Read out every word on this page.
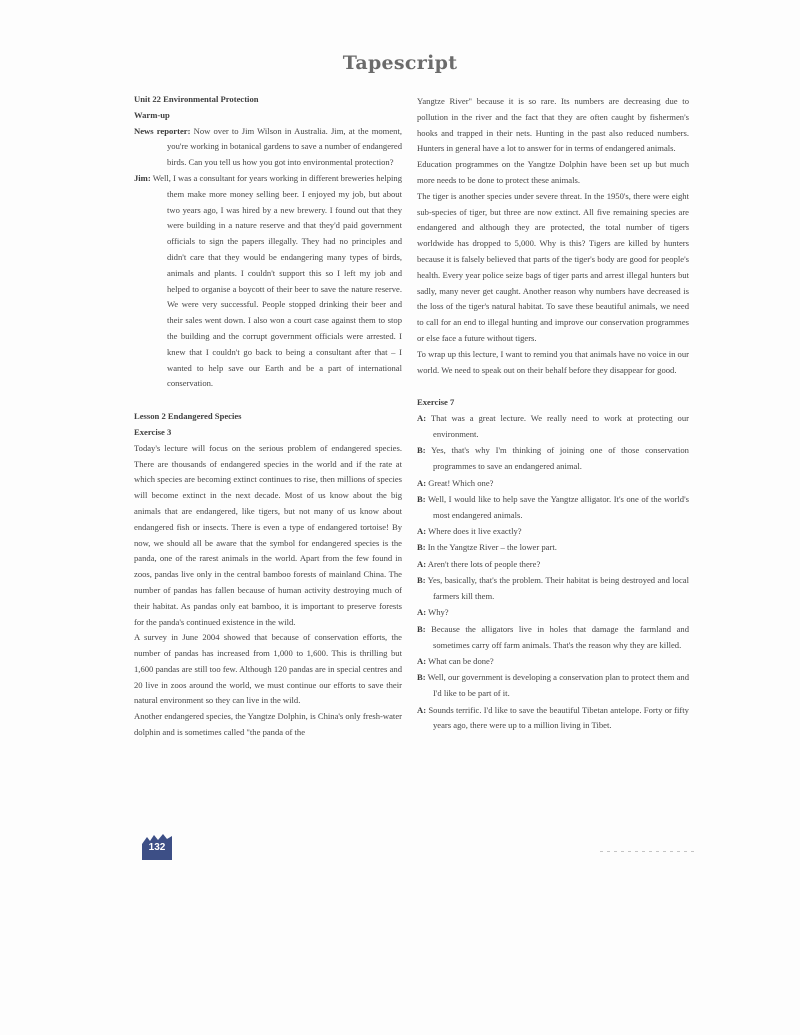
Tapescript
Unit 22 Environmental Protection
Warm-up

News reporter: Now over to Jim Wilson in Australia. Jim, at the moment, you're working in botanical gardens to save a number of endangered birds. Can you tell us how you got into environmental protection?

Jim: Well, I was a consultant for years working in different breweries helping them make more money selling beer. I enjoyed my job, but about two years ago, I was hired by a new brewery. I found out that they were building in a nature reserve and that they'd paid government officials to sign the papers illegally. They had no principles and didn't care that they would be endangering many types of birds, animals and plants. I couldn't support this so I left my job and helped to organise a boycott of their beer to save the nature reserve. We were very successful. People stopped drinking their beer and their sales went down. I also won a court case against them to stop the building and the corrupt government officials were arrested. I knew that I couldn't go back to being a consultant after that – I wanted to help save our Earth and be a part of international conservation.

Lesson 2 Endangered Species
Exercise 3

Today's lecture will focus on the serious problem of endangered species. There are thousands of endangered species in the world and if the rate at which species are becoming extinct continues to rise, then millions of species will become extinct in the next decade. Most of us know about the big animals that are endangered, like tigers, but not many of us know about endangered fish or insects. There is even a type of endangered tortoise! By now, we should all be aware that the symbol for endangered species is the panda, one of the rarest animals in the world. Apart from the few found in zoos, pandas live only in the central bamboo forests of mainland China. The number of pandas has fallen because of human activity destroying much of their habitat. As pandas only eat bamboo, it is important to preserve forests for the panda's continued existence in the wild.

A survey in June 2004 showed that because of conservation efforts, the number of pandas has increased from 1,000 to 1,600. This is thrilling but 1,600 pandas are still too few. Although 120 pandas are in special centres and 20 live in zoos around the world, we must continue our efforts to save their natural environment so they can live in the wild.

Another endangered species, the Yangtze Dolphin, is China's only fresh-water dolphin and is sometimes called "the panda of the

Yangtze River" because it is so rare. Its numbers are decreasing due to pollution in the river and the fact that they are often caught by fishermen's hooks and trapped in their nets. Hunting in the past also reduced numbers. Hunters in general have a lot to answer for in terms of endangered animals.

Education programmes on the Yangtze Dolphin have been set up but much more needs to be done to protect these animals.

The tiger is another species under severe threat. In the 1950's, there were eight sub-species of tiger, but three are now extinct. All five remaining species are endangered and although they are protected, the total number of tigers worldwide has dropped to 5,000. Why is this? Tigers are killed by hunters because it is falsely believed that parts of the tiger's body are good for people's health. Every year police seize bags of tiger parts and arrest illegal hunters but sadly, many never get caught. Another reason why numbers have decreased is the loss of the tiger's natural habitat. To save these beautiful animals, we need to call for an end to illegal hunting and improve our conservation programmes or else face a future without tigers.

To wrap up this lecture, I want to remind you that animals have no voice in our world. We need to speak out on their behalf before they disappear for good.

Exercise 7

A: That was a great lecture. We really need to work at protecting our environment.

B: Yes, that's why I'm thinking of joining one of those conservation programmes to save an endangered animal.

A: Great! Which one?

B: Well, I would like to help save the Yangtze alligator. It's one of the world's most endangered animals.

A: Where does it live exactly?

B: In the Yangtze River – the lower part.

A: Aren't there lots of people there?

B: Yes, basically, that's the problem. Their habitat is being destroyed and local farmers kill them.

A: Why?

B: Because the alligators live in holes that damage the farmland and sometimes carry off farm animals. That's the reason why they are killed.

A: What can be done?

B: Well, our government is developing a conservation plan to protect them and I'd like to be part of it.

A: Sounds terrific. I'd like to save the beautiful Tibetan antelope. Forty or fifty years ago, there were up to a million living in Tibet.

132
